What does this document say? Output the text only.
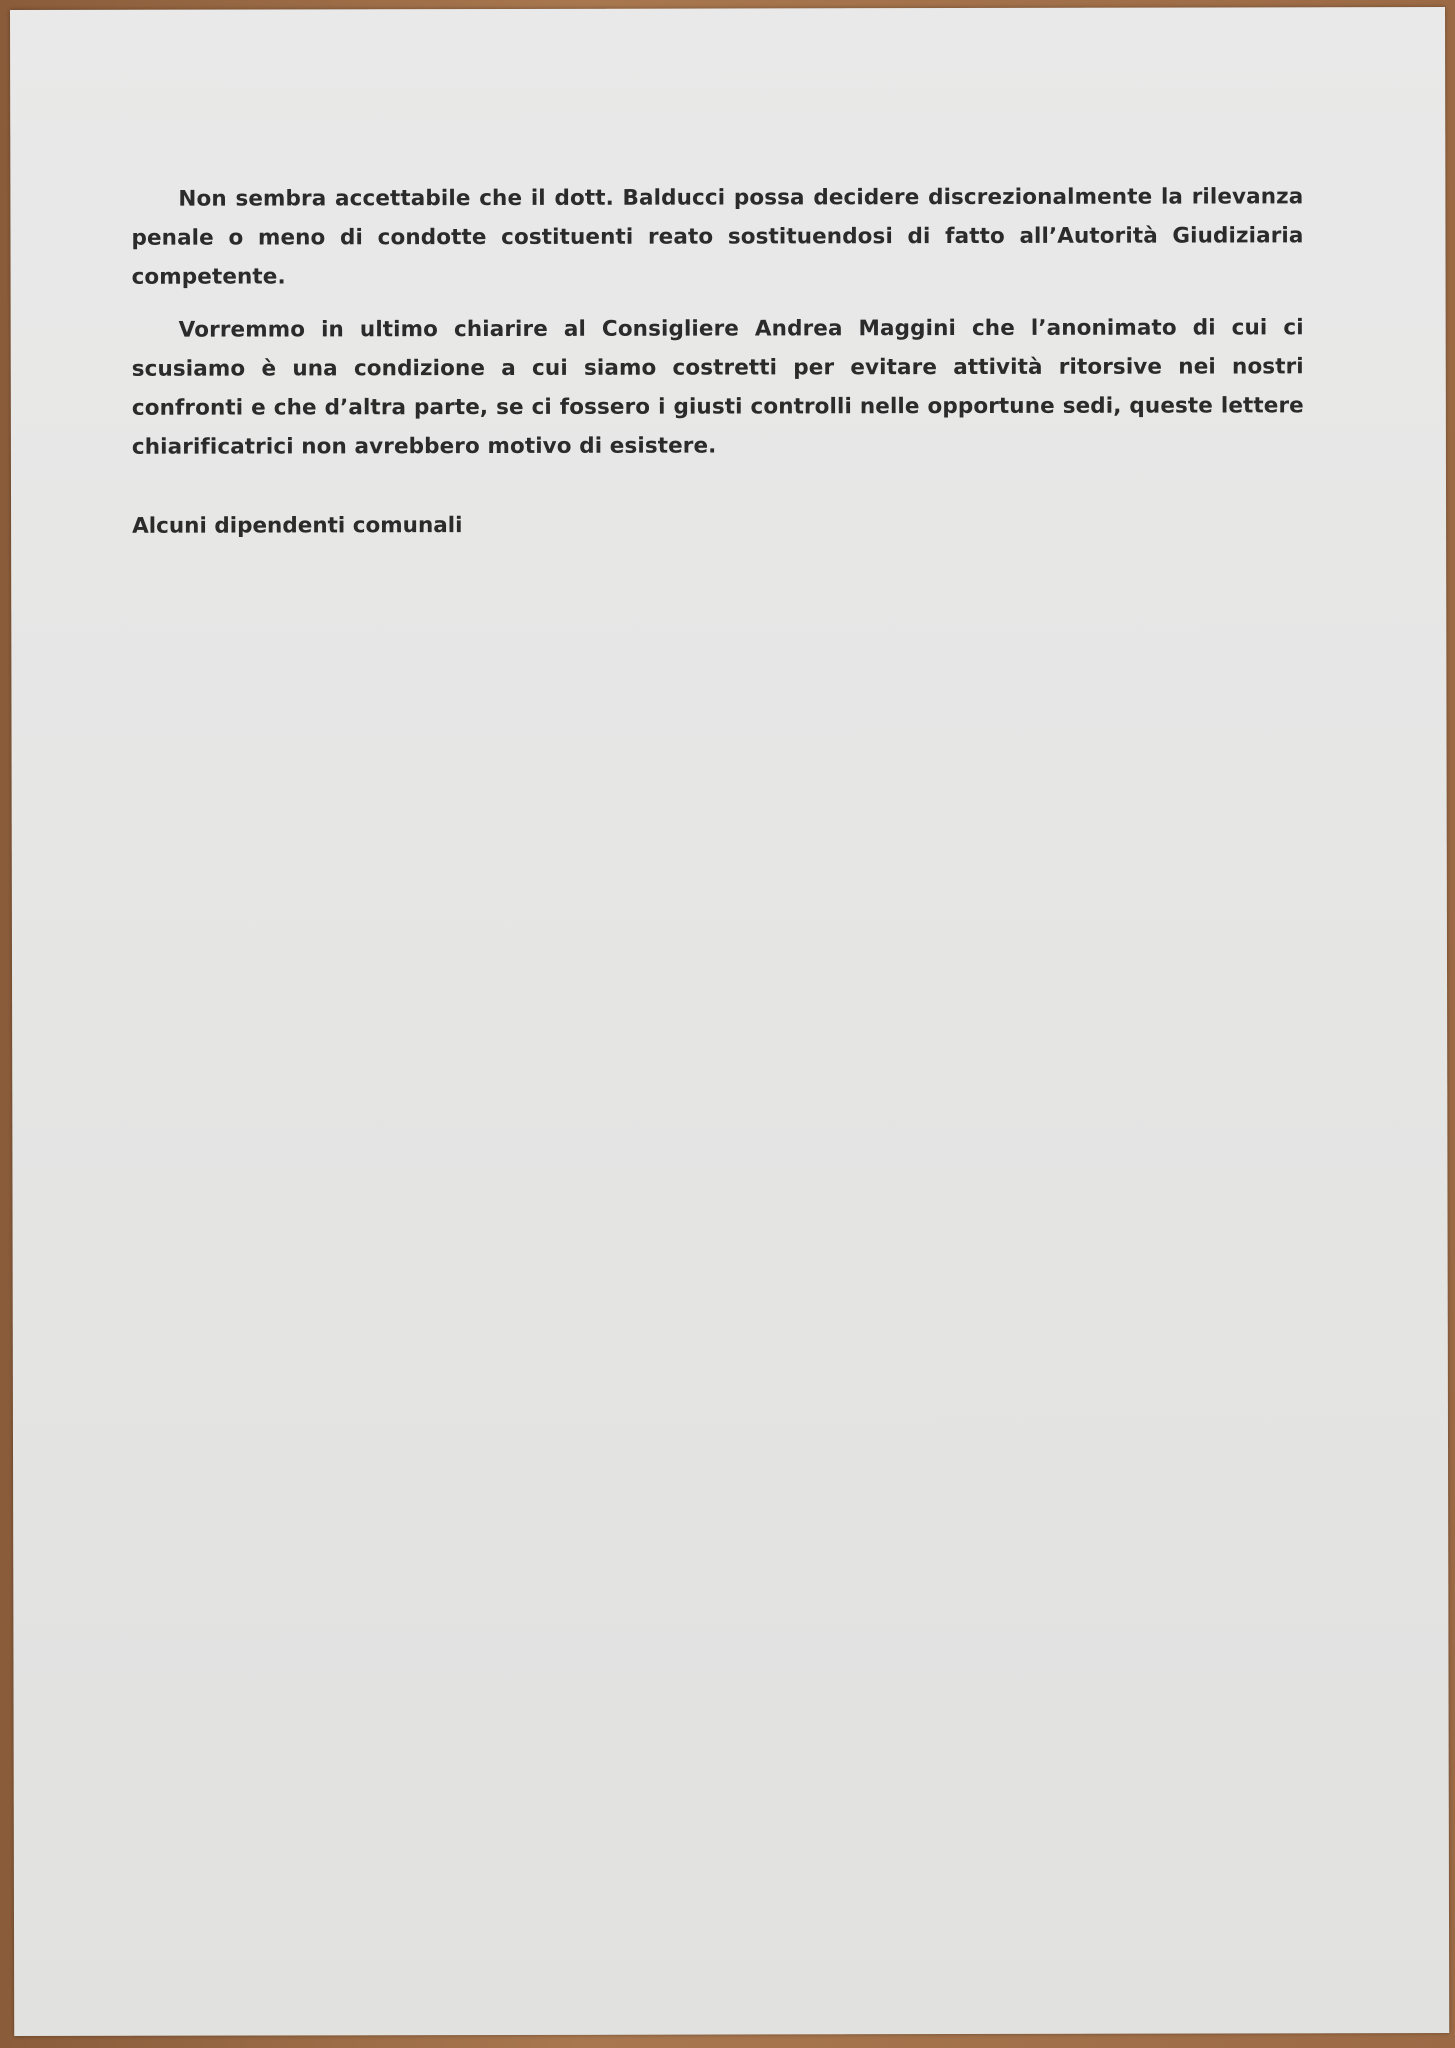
Non sembra accettabile che il dott. Balducci possa decidere discrezionalmente la rilevanza penale o meno di condotte costituenti reato sostituendosi di fatto all’Autorità Giudiziaria competente.

Vorremmo in ultimo chiarire al Consigliere Andrea Maggini che l’anonimato di cui ci scusiamo è una condizione a cui siamo costretti per evitare attività ritorsive nei nostri confronti e che d’altra parte, se ci fossero i giusti controlli nelle opportune sedi, queste lettere chiarificatrici non avrebbero motivo di esistere.

Alcuni dipendenti comunali
